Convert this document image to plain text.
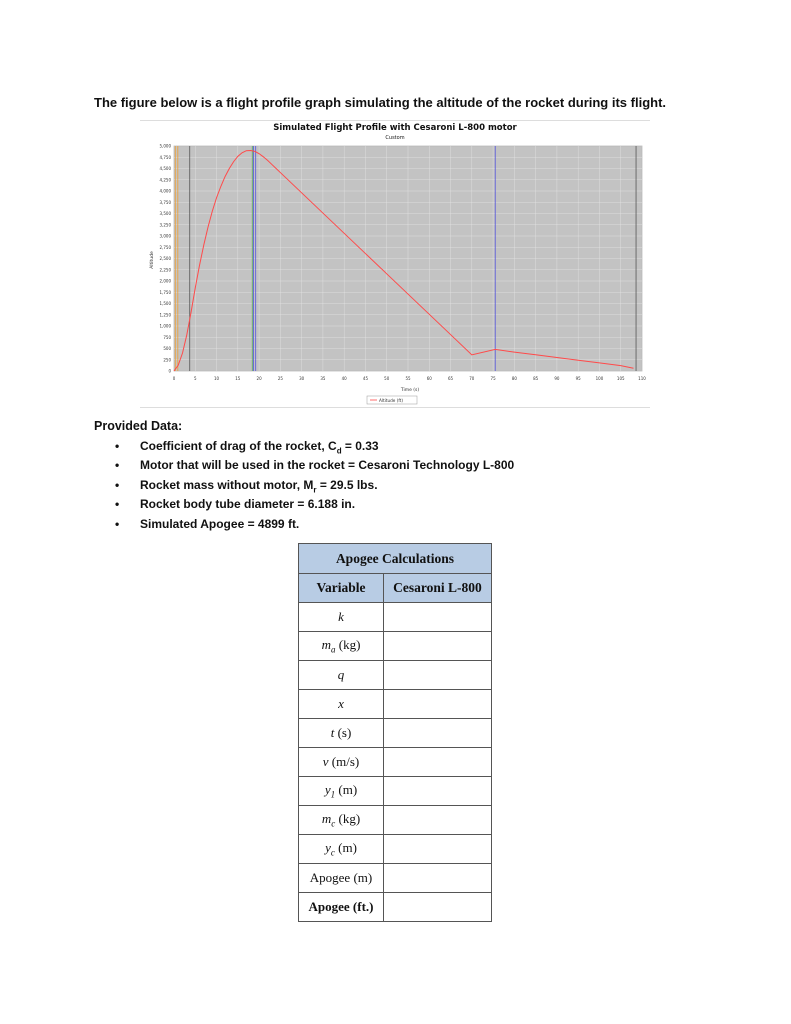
The figure below is a flight profile graph simulating the altitude of the rocket during its flight.
0
250
500
750
1,000
1,250
1,500
1,750
2,000
2,250
2,500
2,750
3,000
3,250
3,500
3,750
4,000
4,250
4,500
4,750
5,000
0	5	10	15	20	25	30	35	40	45	50	55	60	65	70	75	80	85	90	95	100	105	110
Time (s)
Altitude
Altitude (ft)
Simulated Flight Profile with Cesaroni L-800 motor
Custom
Provided Data:
• Coefficient of drag of the rocket, $C_d = 0.33$
• Motor that will be used in the rocket = Cesaroni Technology L-800
• Rocket mass without motor, $M_r = 29.5$ lbs.
• Rocket body tube diameter = 6.188 in.
• Simulated Apogee = 4899 ft.
Apogee Calculations	
Variable	Cesaroni L-800
k	
$m_a$ (kg)	
q	
x	
t (s)	
v (m/s)	
$y_1$ (m)	
$m_c$ (kg)	
$y_c$ (m)	
Apogee (m)	
Apogee (ft.)	
